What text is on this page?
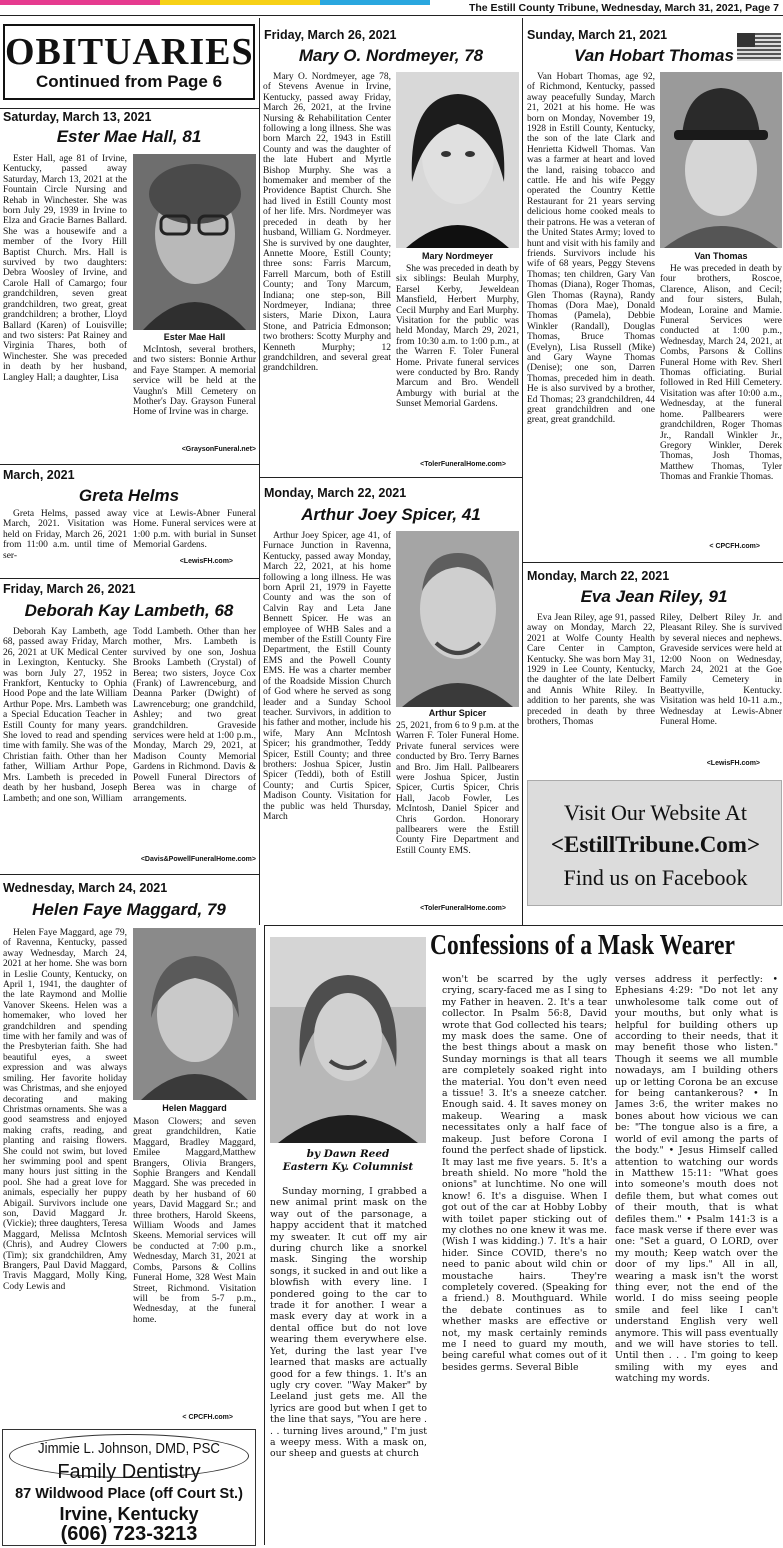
The Estill County Tribune, Wednesday, March 31, 2021, Page 7
OBITUARIES
Continued from Page 6
Saturday, March 13, 2021
Ester Mae Hall, 81
Ester Hall, age 81 of Irvine, Kentucky, passed away Saturday, March 13, 2021 at the Fountain Circle Nursing and Rehab in Winchester. She was born July 29, 1939 in Irvine to Elza and Gracie Barnes Ballard. She was a housewife and a member of the Ivory Hill Baptist Church. Mrs. Hall is survived by two daughters: Debra Woosley of Irvine, and Carole Hall of Camargo; four grandchildren, seven great grandchildren, two great, great grandchildren; a brother, Lloyd Ballard (Karen) of Louisville; and two sisters: Pat Rainey and Virginia Thares, both of Winchester. She was preceded in death by her husband, Langley Hall; a daughter, Lisa
Ester Mae Hall
McIntosh, several brothers, and two sisters: Bonnie Arthur and Faye Stamper. A memorial service will be held at the Vaughn's Mill Cemetery on Mother's Day. Grayson Funeral Home of Irvine was in charge.
<GraysonFuneral.net>
March, 2021
Greta Helms
Greta Helms, passed away March, 2021. Visitation was held on Friday, March 26, 2021 from 11:00 a.m. until time of ser-
vice at Lewis-Abner Funeral Home. Funeral services were at 1:00 p.m. with burial in Sunset Memorial Gardens.
<LewisFH.com>
Friday, March 26, 2021
Deborah Kay Lambeth, 68
Deborah Kay Lambeth, age 68, passed away Friday, March 26, 2021 at UK Medical Center in Lexington, Kentucky. She was born July 27, 1952 in Frankfort, Kentucky to Ophia Hood Pope and the late William Arthur Pope. Mrs. Lambeth was a Special Education Teacher in Estill County for many years. She loved to read and spending time with family. She was of the Christian faith. Other than her father, William Arthur Pope, Mrs. Lambeth is preceded in death by her husband, Joseph Lambeth; and one son, William
Todd Lambeth. Other than her mother, Mrs. Lambeth is survived by one son, Joshua Brooks Lambeth (Crystal) of Berea; two sisters, Joyce Cox (Frank) of Lawrenceburg, and Deanna Parker (Dwight) of Lawrenceburg; one grandchild, Ashley; and two great grandchildren. Graveside services were held at 1:00 p.m., Monday, March 29, 2021, at Madison County Memorial Gardens in Richmond. Davis & Powell Funeral Directors of Berea was in charge of arrangements.
<Davis&PowellFuneralHome.com>
Wednesday, March 24, 2021
Helen Faye Maggard, 79
Helen Faye Maggard, age 79, of Ravenna, Kentucky, passed away Wednesday, March 24, 2021 at her home. She was born in Leslie County, Kentucky, on April 1, 1941, the daughter of the late Raymond and Mollie Vanover Skeens. Helen was a homemaker, who loved her grandchildren and spending time with her family and was of the Presbyterian faith. She had beautiful eyes, a sweet expression and was always smiling. Her favorite holiday was Christmas, and she enjoyed decorating and making Christmas ornaments. She was a good seamstress and enjoyed making crafts, reading, and planting and raising flowers. She could not swim, but loved her swimming pool and spent many hours just sitting in the pool. She had a great love for animals, especially her puppy Abigail. Survivors include one son, David Maggard Jr. (Vickie); three daughters, Teresa Maggard, Melissa McIntosh (Chris), and Audrey Clowers (Tim); six grandchildren, Amy Brangers, Paul David Maggard, Travis Maggard, Molly King, Cody Lewis and
Helen Maggard
Mason Clowers; and seven great grandchildren, Katie Maggard, Bradley Maggard, Emilee Maggard,Matthew Brangers, Olivia Brangers, Sophie Brangers and Kendall Maggard. She was preceded in death by her husband of 60 years, David Maggard Sr.; and three brothers, Harold Skeens, William Woods and James Skeens. Memorial services will be conducted at 7:00 p.m., Wednesday, March 31, 2021 at Combs, Parsons & Collins Funeral Home, 328 West Main Street, Richmond. Visitation will be from 5-7 p.m., Wednesday, at the funeral home.
< CPCFH.com>
Jimmie L. Johnson, DMD, PSC
Family Dentistry
87 Wildwood Place (off Court St.)
Irvine, Kentucky
(606) 723-3213
Friday, March 26, 2021
Mary O. Nordmeyer, 78
Mary O. Nordmeyer, age 78, of Stevens Avenue in Irvine, Kentucky, passed away Friday, March 26, 2021, at the Irvine Nursing & Rehabilitation Center following a long illness. She was born March 22, 1943 in Estill County and was the daughter of the late Hubert and Myrtle Bishop Murphy. She was a homemaker and member of the Providence Baptist Church. She had lived in Estill County most of her life. Mrs. Nordmeyer was preceded in death by her husband, William G. Nordmeyer. She is survived by one daughter, Annette Moore, Estill County; three sons: Farris Marcum, Farrell Marcum, both of Estill County; and Tony Marcum, Indiana; one step-son, Bill Nordmeyer, Indiana; three sisters, Marie Dixon, Laura Stone, and Patricia Edmonson; two brothers: Scotty Murphy and Kenneth Murphy; 12 grandchildren, and several great grandchildren.
Mary Nordmeyer
She was preceded in death by six siblings: Beulah Murphy, Earsel Kerby, Jeweldean Mansfield, Herbert Murphy, Cecil Murphy and Earl Murphy. Visitation for the public was held Monday, March 29, 2021, from 10:30 a.m. to 1:00 p.m., at the Warren F. Toler Funeral Home. Private funeral services were conducted by Bro. Randy Marcum and Bro. Wendell Amburgy with burial at the Sunset Memorial Gardens.
<TolerFuneralHome.com>
Monday, March 22, 2021
Arthur Joey Spicer, 41
Arthur Joey Spicer, age 41, of Furnace Junction in Ravenna, Kentucky, passed away Monday, March 22, 2021, at his home following a long illness. He was born April 21, 1979 in Fayette County and was the son of Calvin Ray and Leta Jane Bennett Spicer. He was an employee of WHB Sales and a member of the Estill County Fire Department, the Estill County EMS and the Powell County EMS. He was a charter member of the Roadside Mission Church of God where he served as song leader and a Sunday School teacher. Survivors, in addition to his father and mother, include his wife, Mary Ann McIntosh Spicer; his grandmother, Teddy Spicer, Estill County; and three brothers: Joshua Spicer, Justin Spicer (Teddi), both of Estill County; and Curtis Spicer, Madison County. Visitation for the public was held Thursday, March
Arthur Spicer
25, 2021, from 6 to 9 p.m. at the Warren F. Toler Funeral Home. Private funeral services were conducted by Bro. Terry Barnes and Bro. Jim Hall. Pallbearers were Joshua Spicer, Justin Spicer, Curtis Spicer, Chris Hall, Jacob Fowler, Les McIntosh, Daniel Spicer and Chris Gordon. Honorary pallbearers were the Estill County Fire Department and Estill County EMS.
<TolerFuneralHome.com>
Sunday, March 21, 2021
Van Hobart Thomas
Van Hobart Thomas, age 92, of Richmond, Kentucky, passed away peacefully Sunday, March 21, 2021 at his home. He was born on Monday, November 19, 1928 in Estill County, Kentucky, the son of the late Clark and Henrietta Kidwell Thomas. Van was a farmer at heart and loved the land, raising tobacco and cattle. He and his wife Peggy operated the Country Kettle Restaurant for 21 years serving delicious home cooked meals to their patrons. He was a veteran of the United States Army; loved to hunt and visit with his family and friends. Survivors include his wife of 68 years, Peggy Stevens Thomas; ten children, Gary Van Thomas (Diana), Roger Thomas, Glen Thomas (Rayna), Randy Thomas (Dora Mae), Donald Thomas (Pamela), Debbie Winkler (Randall), Douglas Thomas, Bruce Thomas (Evelyn), Lisa Russell (Mike) and Gary Wayne Thomas (Denise); one son, Darren Thomas, preceded him in death. He is also survived by a brother, Ed Thomas; 23 grandchildren, 44 great grandchildren and one great, great grandchild.
Van Thomas
He was preceded in death by four brothers, Roscoe, Clarence, Alison, and Cecil; and four sisters, Bulah, Modean, Loraine and Mamie. Funeral Services were conducted at 1:00 p.m., Wednesday, March 24, 2021, at Combs, Parsons & Collins Funeral Home with Rev. Sherl Thomas officiating. Burial followed in Red Hill Cemetery. Visitation was after 10:00 a.m., Wednesday, at the funeral home. Pallbearers were grandchildren, Roger Thomas Jr., Randall Winkler Jr., Gregory Winkler, Derek Thomas, Josh Thomas, Matthew Thomas, Tyler Thomas and Frankie Thomas.
< CPCFH.com>
Monday, March 22, 2021
Eva Jean Riley, 91
Eva Jean Riley, age 91, passed away on Monday, March 22, 2021 at Wolfe County Health Care Center in Campton, Kentucky. She was born May 31, 1929 in Lee County, Kentucky, the daughter of the late Delbert and Annis White Riley. In addition to her parents, she was preceded in death by three brothers, Thomas
Riley, Delbert Riley Jr. and Pleasant Riley. She is survived by several nieces and nephews. Graveside services were held at 12:00 Noon on Wednesday, March 24, 2021 at the Goe Family Cemetery in Beattyville, Kentucky. Visitation was held 10-11 a.m., Wednesday at Lewis-Abner Funeral Home.
<LewisFH.com>
Visit Our Website At
<EstillTribune.Com>
Find us on Facebook
Confessions of a Mask Wearer
by Dawn Reed
Eastern Ky. Columnist
Sunday morning, I grabbed a new animal print mask on the way out of the parsonage, a happy accident that it matched my sweater. It cut off my air during church like a snorkel mask. Singing the worship songs, it sucked in and out like a blowfish with every line. I pondered going to the car to trade it for another. I wear a mask every day at work in a dental office but do not love wearing them everywhere else. Yet, during the last year I've learned that masks are actually good for a few things. 1. It's an ugly cry cover. "Way Maker" by Leeland just gets me. All the lyrics are good but when I get to the line that says, "You are here . . . turning lives around," I'm just a weepy mess. With a mask on, our sheep and guests at church
won't be scarred by the ugly crying, scary-faced me as I sing to my Father in heaven. 2. It's a tear collector. In Psalm 56:8, David wrote that God collected his tears; my mask does the same. One of the best things about a mask on Sunday mornings is that all tears are completely soaked right into the material. You don't even need a tissue! 3. It's a sneeze catcher. Enough said. 4. It saves money on makeup. Wearing a mask necessitates only a half face of makeup. Just before Corona I found the perfect shade of lipstick. It may last me five years. 5. It's a breath shield. No more "hold the onions" at lunchtime. No one will know! 6. It's a disguise. When I got out of the car at Hobby Lobby with toilet paper sticking out of my clothes no one knew it was me. (Wish I was kidding.) 7. It's a hair hider. Since COVID, there's no need to panic about wild chin or moustache hairs. They're completely covered. (Speaking for a friend.) 8. Mouthguard. While the debate continues as to whether masks are effective or not, my mask certainly reminds me I need to guard my mouth, being careful what comes out of it besides germs. Several Bible
verses address it perfectly: • Ephesians 4:29: "Do not let any unwholesome talk come out of your mouths, but only what is helpful for building others up according to their needs, that it may benefit those who listen." Though it seems we all mumble nowadays, am I building others up or letting Corona be an excuse for being cantankerous? • In James 3:6, the writer makes no bones about how vicious we can be: "The tongue also is a fire, a world of evil among the parts of the body." • Jesus Himself called attention to watching our words in Matthew 15:11: "What goes into someone's mouth does not defile them, but what comes out of their mouth, that is what defiles them." • Psalm 141:3 is a face mask verse if there ever was one: "Set a guard, O LORD, over my mouth; Keep watch over the door of my lips." All in all, wearing a mask isn't the worst thing ever, not the end of the world. I do miss seeing people smile and feel like I can't understand English very well anymore. This will pass eventually and we will have stories to tell. Until then . . . I'm going to keep smiling with my eyes and watching my words.
